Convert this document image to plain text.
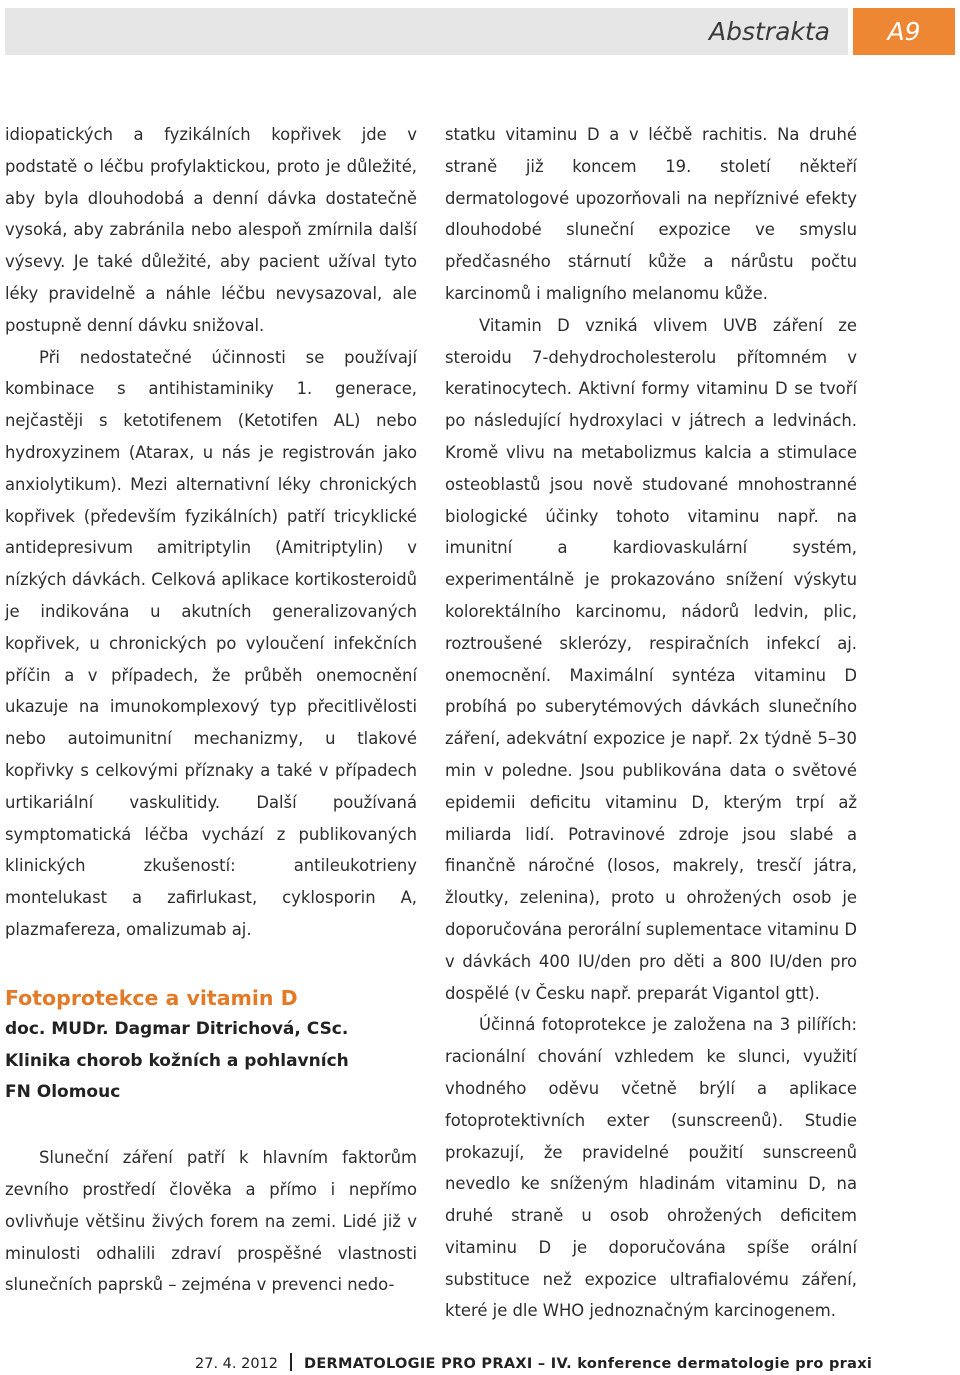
Abstrakta	A9

idiopatických a fyzikálních kopřivek jde v podstatě o léčbu profylaktickou, proto je důležité, aby byla dlouhodobá a denní dávka dostatečně vysoká, aby zabránila nebo alespoň zmírnila další výsevy. Je také důležité, aby pacient užíval tyto léky pravidelně a náhle léčbu nevysazoval, ale postupně denní dávku snižoval.

Při nedostatečné účinnosti se používají kombinace s antihistaminiky 1. generace, nejčastěji s ketotifenem (Ketotifen AL) nebo hydroxyzinem (Atarax, u nás je registrován jako anxiolytikum). Mezi alternativní léky chronických kopřivek (především fyzikálních) patří tricyklické antidepresivum amitriptylin (Amitriptylin) v nízkých dávkách. Celková aplikace kortikosteroidů je indikována u akutních generalizovaných kopřivek, u chronických po vyloučení infekčních příčin a v případech, že průběh onemocnění ukazuje na imunokomplexový typ přecitlivělosti nebo autoimunitní mechanizmy, u tlakové kopřivky s celkovými příznaky a také v případech urtikariální vaskulitidy. Další používaná symptomatická léčba vychází z publikovaných klinických zkušeností: antileukotrieny montelukast a zafirlukast, cyklosporin A, plazmafereza, omalizumab aj.

Fotoprotekce a vitamin D
doc. MUDr. Dagmar Ditrichová, CSc.
Klinika chorob kožních a pohlavních
FN Olomouc

Sluneční záření patří k hlavním faktorům zevního prostředí člověka a přímo i nepřímo ovlivňuje většinu živých forem na zemi. Lidé již v minulosti odhalili zdraví prospěšné vlastnosti slunečních paprsků – zejména v prevenci nedo-

statku vitaminu D a v léčbě rachitis. Na druhé straně již koncem 19. století někteří dermatologové upozorňovali na nepříznivé efekty dlouhodobé sluneční expozice ve smyslu předčasného stárnutí kůže a nárůstu počtu karcinomů i maligního melanomu kůže.

Vitamin D vzniká vlivem UVB záření ze steroidu 7-dehydrocholesterolu přítomném v keratinocytech. Aktivní formy vitaminu D se tvoří po následující hydroxylaci v játrech a ledvinách. Kromě vlivu na metabolizmus kalcia a stimulace osteoblastů jsou nově studované mnohostranné biologické účinky tohoto vitaminu např. na imunitní a kardiovaskulární systém, experimentálně je prokazováno snížení výskytu kolorektálního karcinomu, nádorů ledvin, plic, roztroušené sklerózy, respiračních infekcí aj. onemocnění. Maximální syntéza vitaminu D probíhá po suberytémových dávkách slunečního záření, adekvátní expozice je např. 2x týdně 5–30 min v poledne. Jsou publikována data o světové epidemii deficitu vitaminu D, kterým trpí až miliarda lidí. Potravinové zdroje jsou slabé a finančně náročné (losos, makrely, tresčí játra, žloutky, zelenina), proto u ohrožených osob je doporučována perorální suplementace vitaminu D v dávkách 400 IU/den pro děti a 800 IU/den pro dospělé (v Česku např. preparát Vigantol gtt).

Účinná fotoprotekce je založena na 3 pilířích: racionální chování vzhledem ke slunci, využití vhodného oděvu včetně brýlí a aplikace fotoprotektivních exter (sunscreenů). Studie prokazují, že pravidelné použití sunscreenů nevedlo ke sníženým hladinám vitaminu D, na druhé straně u osob ohrožených deficitem vitaminu D je doporučována spíše orální substituce než expozice ultrafialovému záření, které je dle WHO jednoznačným karcinogenem.

27. 4. 2012 DERMATOLOGIE PRO PRAXI – IV. konference dermatologie pro praxi
